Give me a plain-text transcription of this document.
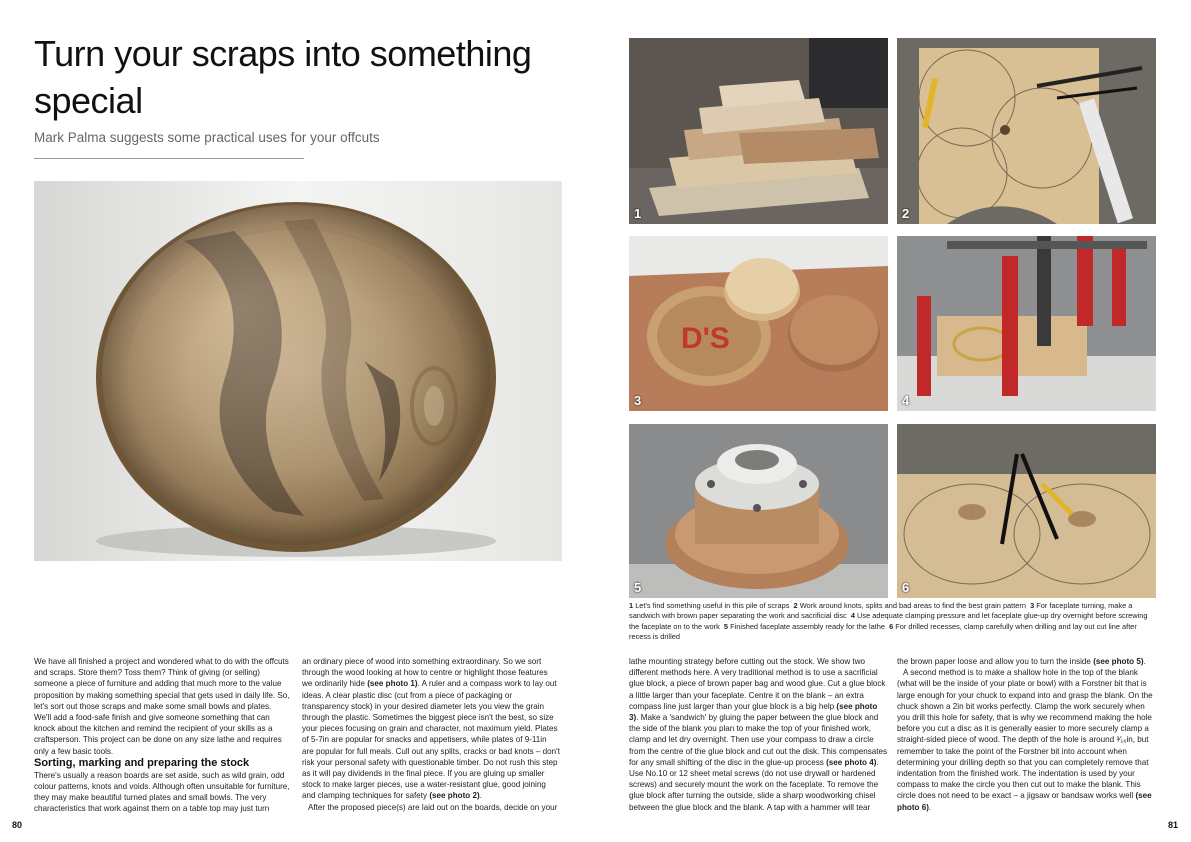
Turn your scraps into something special
Mark Palma suggests some practical uses for your offcuts

We have all finished a project and wondered what to do with the offcuts and scraps. Store them? Toss them? Think of giving (or selling) someone a piece of furniture and adding that much more to the value proposition by making something special that gets used in daily life. So, let's sort out those scraps and make some small bowls and plates. We'll add a food-safe finish and give someone something that can knock about the kitchen and remind the recipient of your skills as a craftsperson. This project can be done on any size lathe and requires only a few basic tools.

Sorting, marking and preparing the stock

There's usually a reason boards are set aside, such as wild grain, odd colour patterns, knots and voids. Although often unsuitable for furniture, they may make beautiful turned plates and small bowls. The very characteristics that work against them on a table top may just turn

an ordinary piece of wood into something extraordinary. So we sort through the wood looking at how to centre or highlight those features we ordinarily hide (see photo 1). A ruler and a compass work to lay out ideas. A clear plastic disc (cut from a piece of packaging or transparency stock) in your desired diameter lets you view the grain through the plastic. Sometimes the biggest piece isn't the best, so size your pieces focusing on grain and character, not maximum yield. Plates of 5-7in are popular for snacks and appetisers, while plates of 9-11in are popular for full meals. Cull out any splits, cracks or bad knots – don't risk your personal safety with questionable timber. Do not rush this step as it will pay dividends in the final piece. If you are gluing up smaller stock to make larger pieces, use a water-resistant glue, good joining and clamping techniques for safety (see photo 2).

After the proposed piece(s) are laid out on the boards, decide on your

80
1	2
D'S
3	4
5	6
1 Let's find something useful in this pile of scraps 2 Work around knots, splits and bad areas to find the best grain pattern 3 For faceplate turning, make a sandwich with brown paper separating the work and sacrificial disc 4 Use adequate clamping pressure and let faceplate glue-up dry overnight before screwing the faceplate on to the work 5 Finished faceplate assembly ready for the lathe 6 For drilled recesses, clamp carefully when drilling and lay out cut line after recess is drilled

lathe mounting strategy before cutting out the stock. We show two different methods here. A very traditional method is to use a sacrificial glue block, a piece of brown paper bag and wood glue. Cut a glue block a little larger than your faceplate. Centre it on the blank – an extra compass line just larger than your glue block is a big help (see photo 3). Make a 'sandwich' by gluing the paper between the glue block and the side of the blank you plan to make the top of your finished work, clamp and let dry overnight. Then use your compass to draw a circle from the centre of the glue block and cut out the disk. This compensates for any small shifting of the disc in the glue-up process (see photo 4). Use No.10 or 12 sheet metal screws (do not use drywall or hardened screws) and securely mount the work on the faceplate. To remove the glue block after turning the outside, slide a sharp woodworking chisel between the glue block and the blank. A tap with a hammer will tear

the brown paper loose and allow you to turn the inside (see photo 5).

A second method is to make a shallow hole in the top of the blank (what will be the inside of your plate or bowl) with a Forstner bit that is large enough for your chuck to expand into and grasp the blank. On the chuck shown a 2in bit works perfectly. Clamp the work securely when you drill this hole for safety, that is why we recommend making the hole before you cut a disc as it is generally easier to more securely clamp a straight-sided piece of wood. The depth of the hole is around ³⁄₁₆in, but remember to take the point of the Forstner bit into account when determining your drilling depth so that you can completely remove that indentation from the finished work. The indentation is used by your compass to make the circle you then cut out to make the blank. This circle does not need to be exact – a jigsaw or bandsaw works well (see photo 6).

81
